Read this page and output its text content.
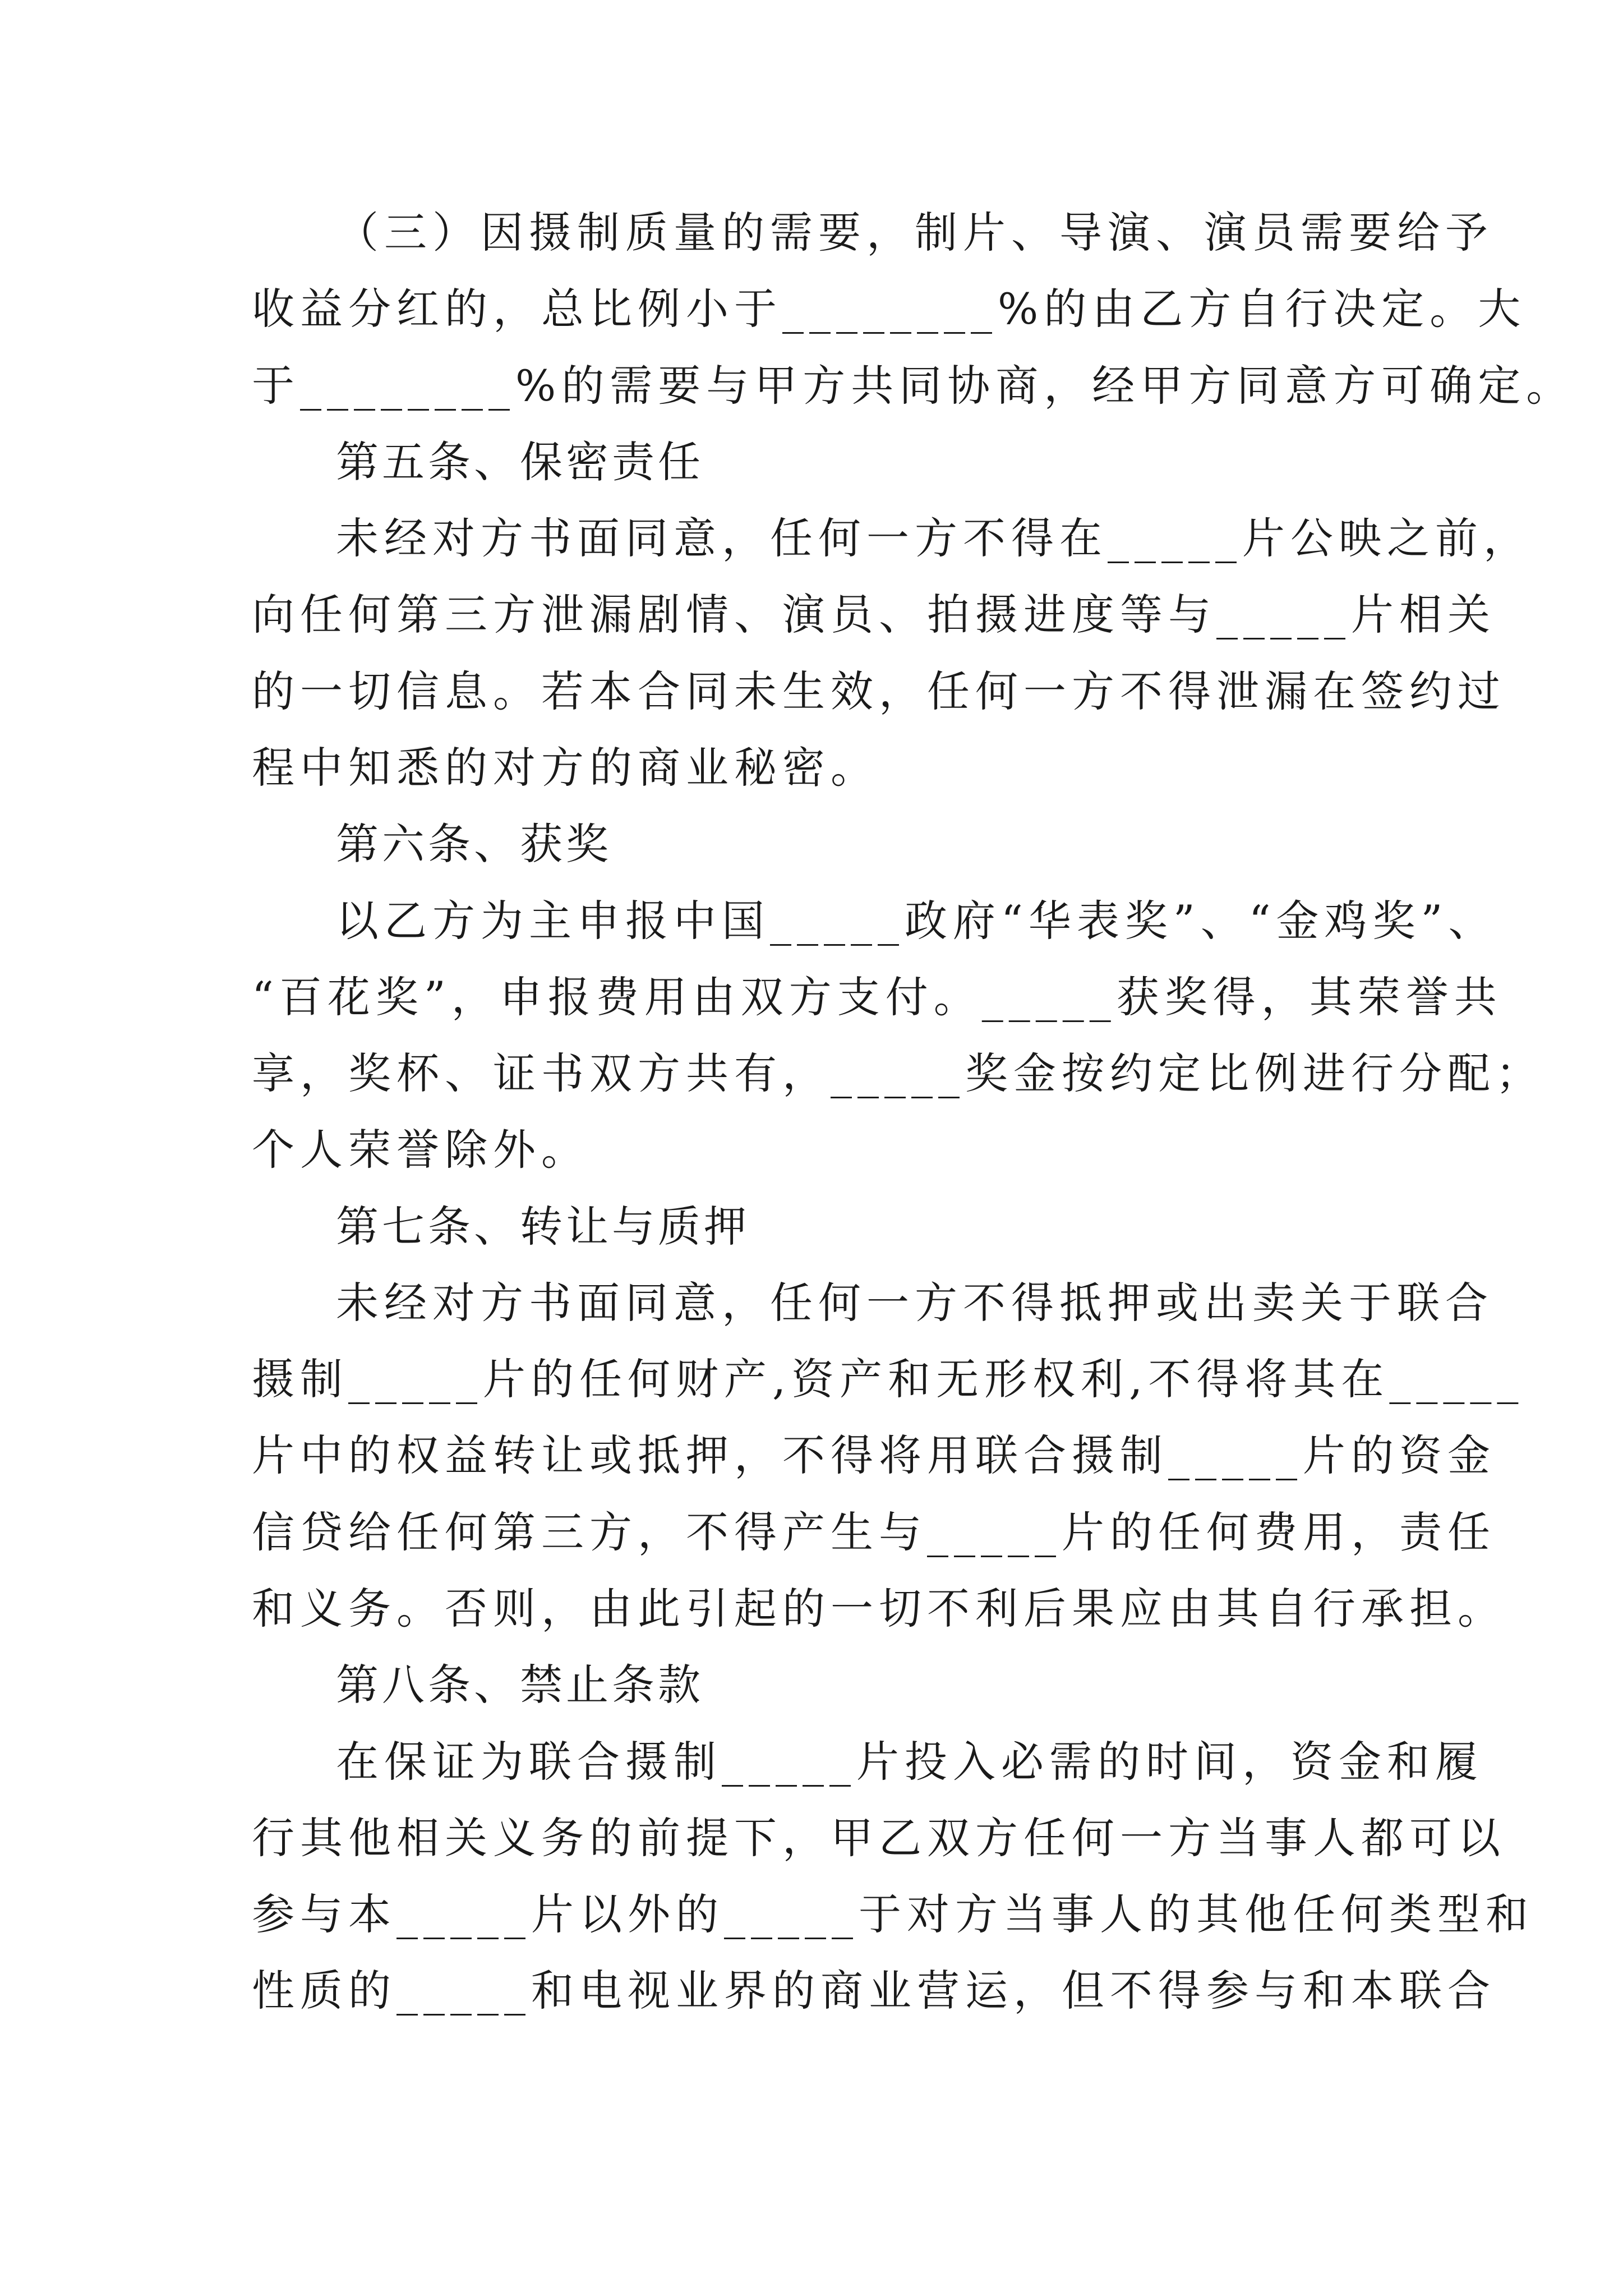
（三）因摄制质量的需要，制片、导演、演员需要给予
收益分红的，总比例小于________%的由乙方自行决定。大
于________%的需要与甲方共同协商，经甲方同意方可确定。
第五条、保密责任
未经对方书面同意，任何一方不得在_____片公映之前，
向任何第三方泄漏剧情、演员、拍摄进度等与_____片相关
的一切信息。若本合同未生效，任何一方不得泄漏在签约过
程中知悉的对方的商业秘密。
第六条、获奖
以乙方为主申报中国_____政府“华表奖”、“金鸡奖”、
“百花奖”，申报费用由双方支付。_____获奖得，其荣誉共
享，奖杯、证书双方共有，_____奖金按约定比例进行分配；
个人荣誉除外。
第七条、转让与质押
未经对方书面同意，任何一方不得抵押或出卖关于联合
摄制_____片的任何财产,资产和无形权利,不得将其在_____
片中的权益转让或抵押，不得将用联合摄制_____片的资金
信贷给任何第三方，不得产生与_____片的任何费用，责任
和义务。否则，由此引起的一切不利后果应由其自行承担。
第八条、禁止条款
在保证为联合摄制_____片投入必需的时间，资金和履
行其他相关义务的前提下，甲乙双方任何一方当事人都可以
参与本_____片以外的_____于对方当事人的其他任何类型和
性质的_____和电视业界的商业营运，但不得参与和本联合
